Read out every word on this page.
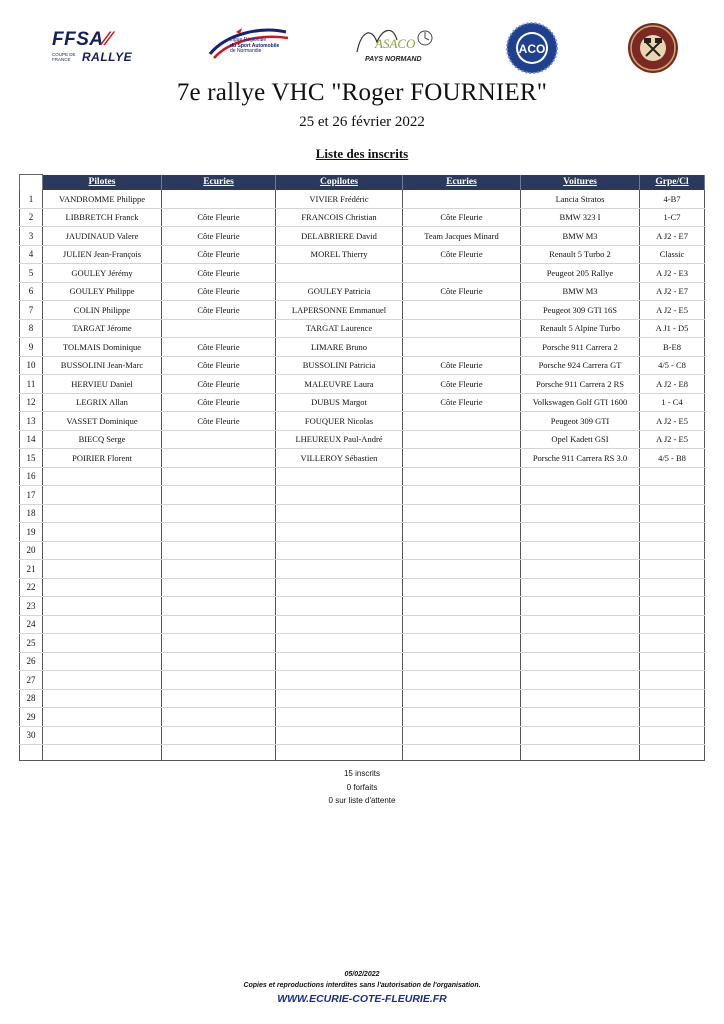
FFSA⁄⁄
COUPE DE
FRANCE RALLYE
Ligue Régionale
du Sport Automobile
de Normandie	ASACO
PAYS NORMAND
ACO
7e rallye VHC "Roger FOURNIER"
25 et 26 février 2022
Liste des inscrits
	Pilotes	Ecuries	Copilotes	Ecuries	Voitures	Grpe/Cl
1	VANDROMME Philippe		VIVIER Frédéric		Lancia Stratos	4-B7
2	LIBBRETCH Franck	Côte Fleurie	FRANCOIS Christian	Côte Fleurie	BMW 323 I	1-C7
3	JAUDINAUD Valere	Côte Fleurie	DELABRIERE David	Team Jacques Minard	BMW M3	A J2 - E7
4	JULIEN Jean-François	Côte Fleurie	MOREL Thierry	Côte Fleurie	Renault 5 Turbo 2	Classic
5	GOULEY Jérémy	Côte Fleurie			Peugeot 205 Rallye	A J2 - E3
6	GOULEY Philippe	Côte Fleurie	GOULEY Patricia	Côte Fleurie	BMW M3	A J2 - E7
7	COLIN Philippe	Côte Fleurie	LAPERSONNE Emmanuel		Peugeot 309 GTI 16S	A J2 - E5
8	TARGAT Jérome		TARGAT Laurence		Renault 5 Alpine Turbo	A J1 - D5
9	TOLMAIS Dominique	Côte Fleurie	LIMARE Bruno		Porsche 911 Carrera 2	B-E8
10	BUSSOLINI Jean-Marc	Côte Fleurie	BUSSOLINI Patricia	Côte Fleurie	Porsche 924 Carrera GT	4/5 - C8
11	HERVIEU Daniel	Côte Fleurie	MALEUVRE Laura	Côte Fleurie	Porsche 911 Carrera 2 RS	A J2 - E8
12	LEGRIX Allan	Côte Fleurie	DUBUS Margot	Côte Fleurie	Volkswagen Golf GTI 1600	1 - C4
13	VASSET Dominique	Côte Fleurie	FOUQUER Nicolas		Peugeot 309 GTI	A J2 - E5
14	BIECQ Serge		LHEUREUX Paul-André		Opel Kadett GSI	A J2 - E5
15	POIRIER Florent		VILLEROY Sébastien		Porsche 911 Carrera RS 3.0	4/5 - B8
16						
17						
18						
19						
20						
21						
22						
23						
24						
25						
26						
27						
28						
29						
30						

15 inscrits
0 forfaits
0 sur liste d'attente
05/02/2022
Copies et reproductions interdites sans l'autorisation de l'organisation.
WWW.ECURIE-COTE-FLEURIE.FR
